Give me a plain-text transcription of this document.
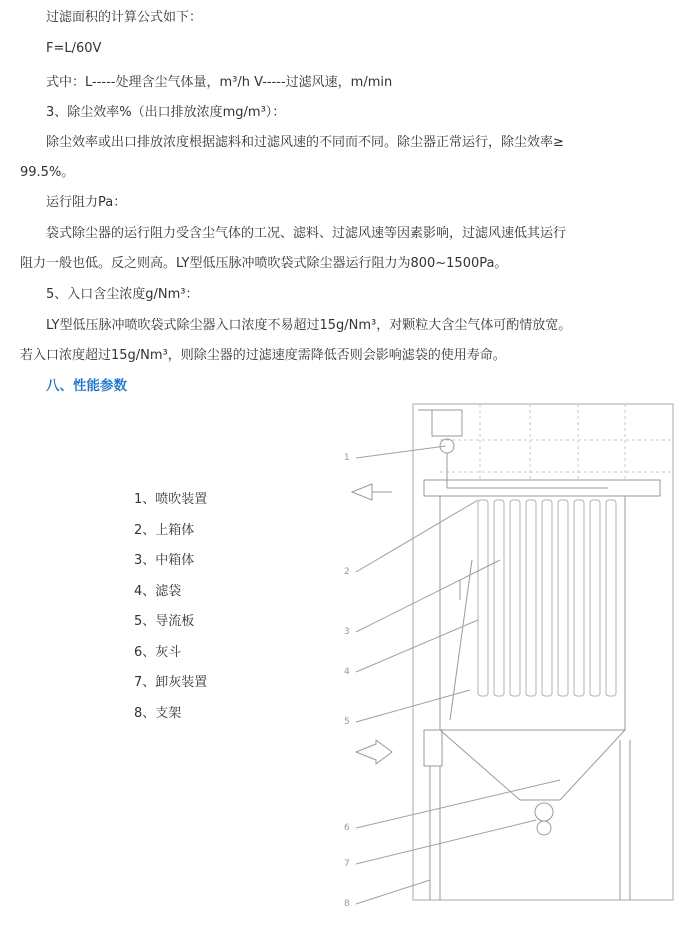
过滤面积的计算公式如下：
F=L/60V
式中：L-----处理含尘气体量，m³/h V-----过滤风速，m/min
3、除尘效率%（出口排放浓度mg/m³）：
除尘效率或出口排放浓度根据滤料和过滤风速的不同而不同。除尘器正常运行，除尘效率≥
99.5%。
运行阻力Pa：
袋式除尘器的运行阻力受含尘气体的工况、滤料、过滤风速等因素影响，过滤风速低其运行
阻力一般也低。反之则高。LY型低压脉冲喷吹袋式除尘器运行阻力为800~1500Pa。
5、入口含尘浓度g/Nm³：
LY型低压脉冲喷吹袋式除尘器入口浓度不易超过15g/Nm³，对颗粒大含尘气体可酌情放宽。
若入口浓度超过15g/Nm³，则除尘器的过滤速度需降低否则会影响滤袋的使用寿命。
八、性能参数
1、喷吹装置
2、上箱体
3、中箱体
4、滤袋
5、导流板
6、灰斗
7、卸灰装置
8、支架
1
2
3
4
5
6
7
8
